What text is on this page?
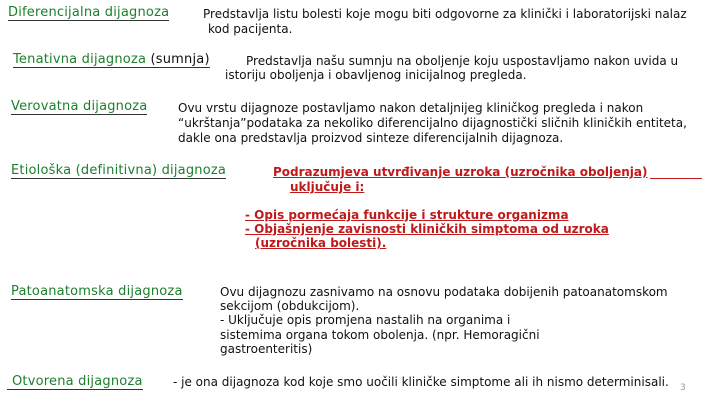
Diferencijalna dijagnoza	Predstavlja listu bolesti koje mogu biti odgovorne za klinički i laboratorijski nalaz
kod pacijenta.
Tenativna dijagnoza (sumnja)	Predstavlja našu sumnju na oboljenje koju uspostavljamo nakon uvida u
istoriju oboljenja i obavljenog inicijalnog pregleda.
Verovatna dijagnoza	Ovu vrstu dijagnoze postavljamo nakon detaljnijeg kliničkog pregleda i nakon
“ukrštanja”podataka za nekoliko diferencijalno dijagnostički sličnih kliničkih entiteta,
dakle ona predstavlja proizvod sinteze diferencijalnih dijagnoza.
Etiološka (definitivna) dijagnoza	Podrazumjeva utvrđivanje uzroka (uzročnika oboljenja)
uključuje i:
- Opis pormećaja funkcije i strukture organizma
- Objašnjenje zavisnosti kliničkih simptoma od uzroka
(uzročnika bolesti).
Patoanatomska dijagnoza	Ovu dijagnozu zasnivamo na osnovu podataka dobijenih patoanatomskom
sekcijom (obdukcijom).
- Uključuje opis promjena nastalih na organima i
sistemima organa tokom obolenja. (npr. Hemoragični
gastroenteritis)
Otvorena dijagnoza	- je ona dijagnoza kod koje smo uočili kliničke simptome ali ih nismo determinisali. 3
